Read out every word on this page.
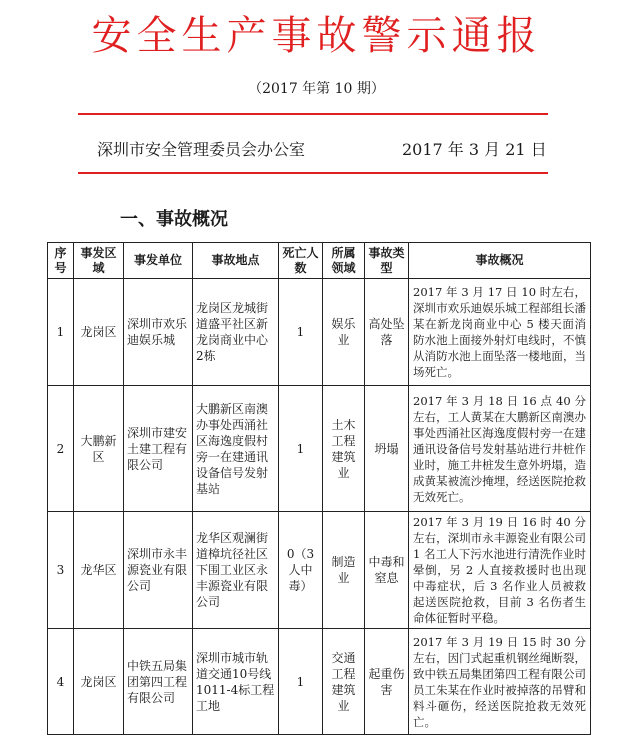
安全生产事故警示通报
（2017 年第 10 期）
深圳市安全管理委员会办公室	2017 年 3 月 21 日
一、事故概况
序号	事发区域	事发单位	事故地点	死亡人数	所属领域	事故类型	事故概况
1	龙岗区	深圳市欢乐迪娱乐城	龙岗区龙城街道盛平社区新龙岗商业中心2栋	1	娱乐业	高处坠落	2017 年 3 月 17 日 10 时左右，深圳市欢乐迪娱乐城工程部组长潘某在新龙岗商业中心 5 楼天面消防水池上面接外射灯电线时，不慎从消防水池上面坠落一楼地面，当场死亡。
2	大鹏新区	深圳市建安土建工程有限公司	大鹏新区南澳办事处西涌社区海逸度假村旁一在建通讯设备信号发射基站	1	土木工程建筑业	坍塌	2017 年 3 月 18 日 16 点 40 分左右，工人黄某在大鹏新区南澳办事处西涌社区海逸度假村旁一在建通讯设备信号发射基站进行井桩作业时，施工井桩发生意外坍塌，造成黄某被流沙掩埋，经送医院抢救无效死亡。
3	龙华区	深圳市永丰源瓷业有限公司	龙华区观澜街道樟坑径社区下围工业区永丰源瓷业有限公司	0（3人中毒）	制造业	中毒和窒息	2017 年 3 月 19 日 16 时 40 分左右，深圳市永丰源瓷业有限公司 1 名工人下污水池进行清洗作业时晕倒，另 2 人直接救援时也出现中毒症状，后 3 名作业人员被救起送医院抢救，目前 3 名伤者生命体征暂时平稳。
4	龙岗区	中铁五局集团第四工程有限公司	深圳市城市轨道交通10号线1011-4标工程工地	1	交通工程建筑业	起重伤害	2017 年 3 月 19 日 15 时 30 分左右，因门式起重机钢丝绳断裂，致中铁五局集团第四工程有限公司员工朱某在作业时被掉落的吊臂和料斗砸伤，经送医院抢救无效死亡。
